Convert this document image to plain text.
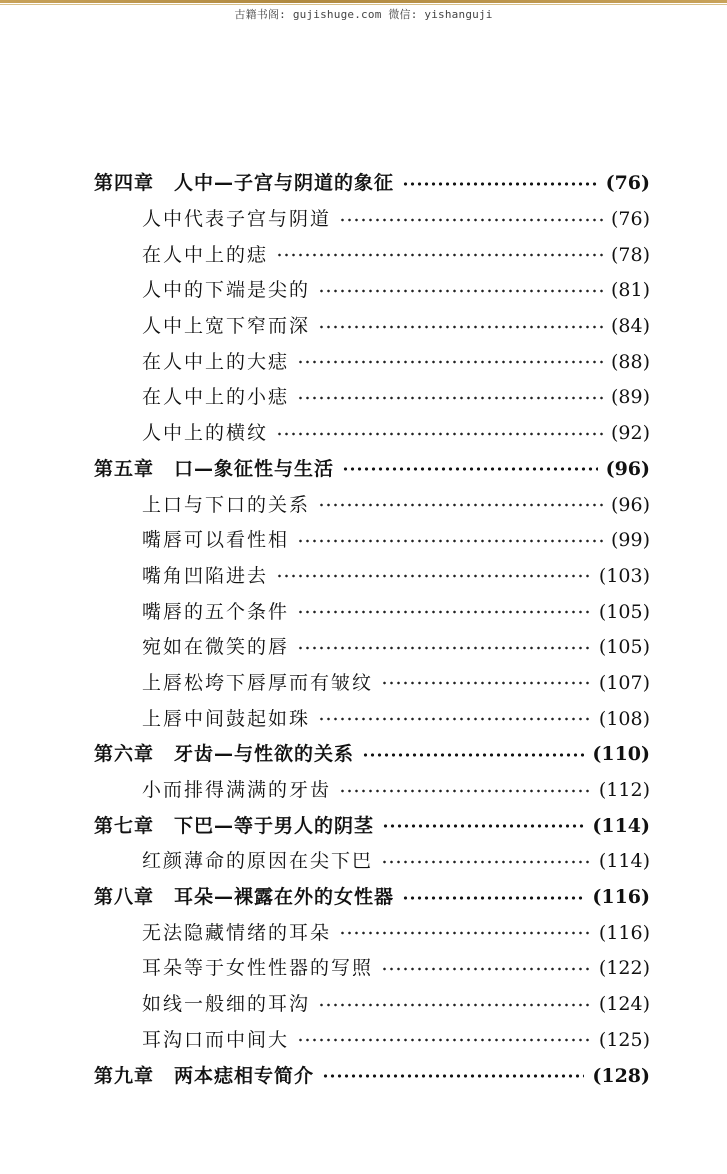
古籍书阁: gujishuge.com 微信: yishanguji
第四章　人中—子宫与阴道的象征	(76)
人中代表子宫与阴道	(76)
在人中上的痣	(78)
人中的下端是尖的	(81)
人中上宽下窄而深	(84)
在人中上的大痣	(88)
在人中上的小痣	(89)
人中上的横纹	(92)
第五章　口—象征性与生活	(96)
上口与下口的关系	(96)
嘴唇可以看性相	(99)
嘴角凹陷进去	(103)
嘴唇的五个条件	(105)
宛如在微笑的唇	(105)
上唇松垮下唇厚而有皱纹	(107)
上唇中间鼓起如珠	(108)
第六章　牙齿—与性欲的关系	(110)
小而排得满满的牙齿	(112)
第七章　下巴—等于男人的阴茎	(114)
红颜薄命的原因在尖下巴	(114)
第八章　耳朵—裸露在外的女性器	(116)
无法隐藏情绪的耳朵	(116)
耳朵等于女性性器的写照	(122)
如线一般细的耳沟	(124)
耳沟口而中间大	(125)
第九章　两本痣相专简介	(128)
